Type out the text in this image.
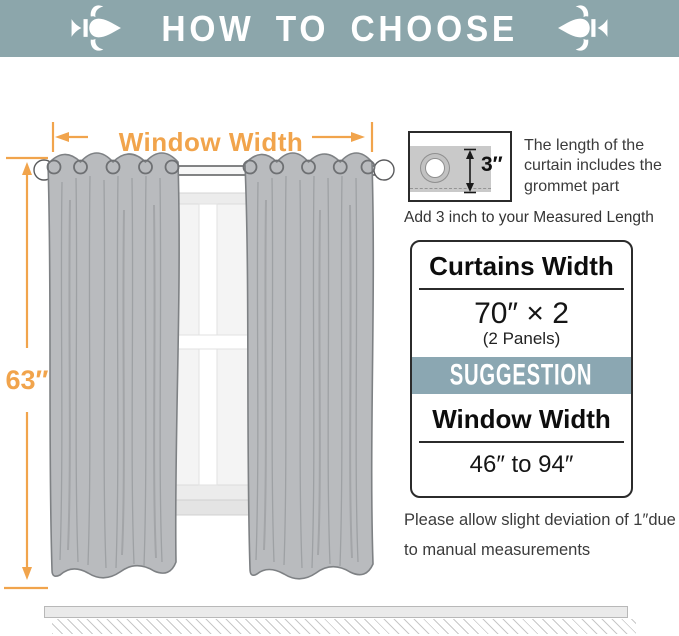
HOW TO CHOOSE
Window Width
63″
3″

The length of the curtain includes the grommet part

Add 3 inch to your Measured Length

Curtains Width
70″ × 2
(2 Panels)
SUGGESTION
Window Width
46″ to 94″

Please allow slight deviation of 1″due to manual measurements
